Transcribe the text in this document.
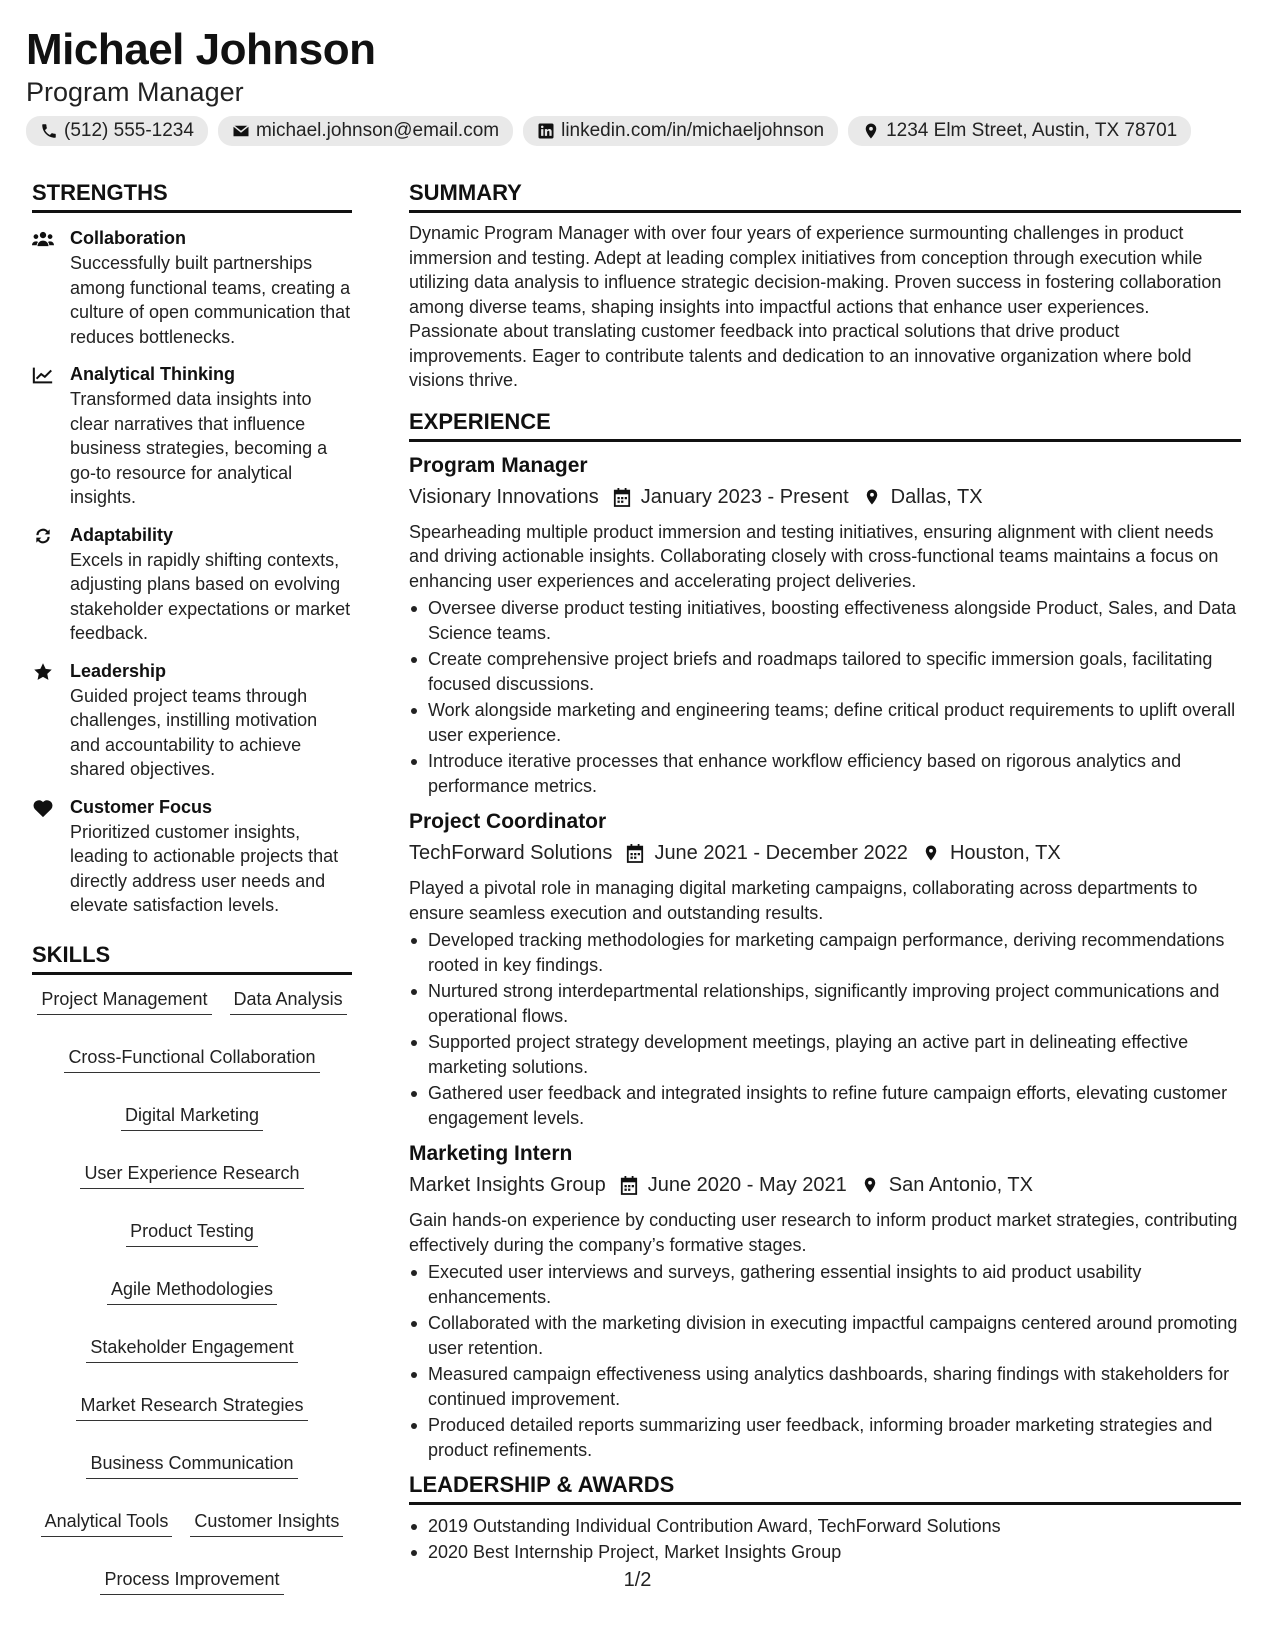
Michael Johnson
Program Manager
(512) 555-1234	michael.johnson@email.com	linkedin.com/in/michaeljohnson	1234 Elm Street, Austin, TX 78701
STRENGTHS
Collaboration
Successfully built partnerships among functional teams, creating a culture of open communication that reduces bottlenecks.
Analytical Thinking
Transformed data insights into clear narratives that influence business strategies, becoming a go-to resource for analytical insights.
Adaptability
Excels in rapidly shifting contexts, adjusting plans based on evolving stakeholder expectations or market feedback.
Leadership
Guided project teams through challenges, instilling motivation and accountability to achieve shared objectives.
Customer Focus
Prioritized customer insights, leading to actionable projects that directly address user needs and elevate satisfaction levels.
SKILLS
Project Management Data Analysis
Cross-Functional Collaboration
Digital Marketing
User Experience Research
Product Testing
Agile Methodologies
Stakeholder Engagement
Market Research Strategies
Business Communication
Analytical Tools Customer Insights
Process Improvement
SUMMARY
Dynamic Program Manager with over four years of experience surmounting challenges in product immersion and testing. Adept at leading complex initiatives from conception through execution while utilizing data analysis to influence strategic decision-making. Proven success in fostering collaboration among diverse teams, shaping insights into impactful actions that enhance user experiences. Passionate about translating customer feedback into practical solutions that drive product improvements. Eager to contribute talents and dedication to an innovative organization where bold visions thrive.
EXPERIENCE
Program Manager
Visionary Innovations January 2023 - Present Dallas, TX
Spearheading multiple product immersion and testing initiatives, ensuring alignment with client needs and driving actionable insights. Collaborating closely with cross-functional teams maintains a focus on enhancing user experiences and accelerating project deliveries.
Oversee diverse product testing initiatives, boosting effectiveness alongside Product, Sales, and Data Science teams.
Create comprehensive project briefs and roadmaps tailored to specific immersion goals, facilitating focused discussions.
Work alongside marketing and engineering teams; define critical product requirements to uplift overall user experience.
Introduce iterative processes that enhance workflow efficiency based on rigorous analytics and performance metrics.
Project Coordinator
TechForward Solutions June 2021 - December 2022 Houston, TX
Played a pivotal role in managing digital marketing campaigns, collaborating across departments to ensure seamless execution and outstanding results.
Developed tracking methodologies for marketing campaign performance, deriving recommendations rooted in key findings.
Nurtured strong interdepartmental relationships, significantly improving project communications and operational flows.
Supported project strategy development meetings, playing an active part in delineating effective marketing solutions.
Gathered user feedback and integrated insights to refine future campaign efforts, elevating customer engagement levels.
Marketing Intern
Market Insights Group June 2020 - May 2021 San Antonio, TX
Gain hands-on experience by conducting user research to inform product market strategies, contributing effectively during the company’s formative stages.
Executed user interviews and surveys, gathering essential insights to aid product usability enhancements.
Collaborated with the marketing division in executing impactful campaigns centered around promoting user retention.
Measured campaign effectiveness using analytics dashboards, sharing findings with stakeholders for continued improvement.
Produced detailed reports summarizing user feedback, informing broader marketing strategies and product refinements.
LEADERSHIP & AWARDS
2019 Outstanding Individual Contribution Award, TechForward Solutions
2020 Best Internship Project, Market Insights Group
1/2
